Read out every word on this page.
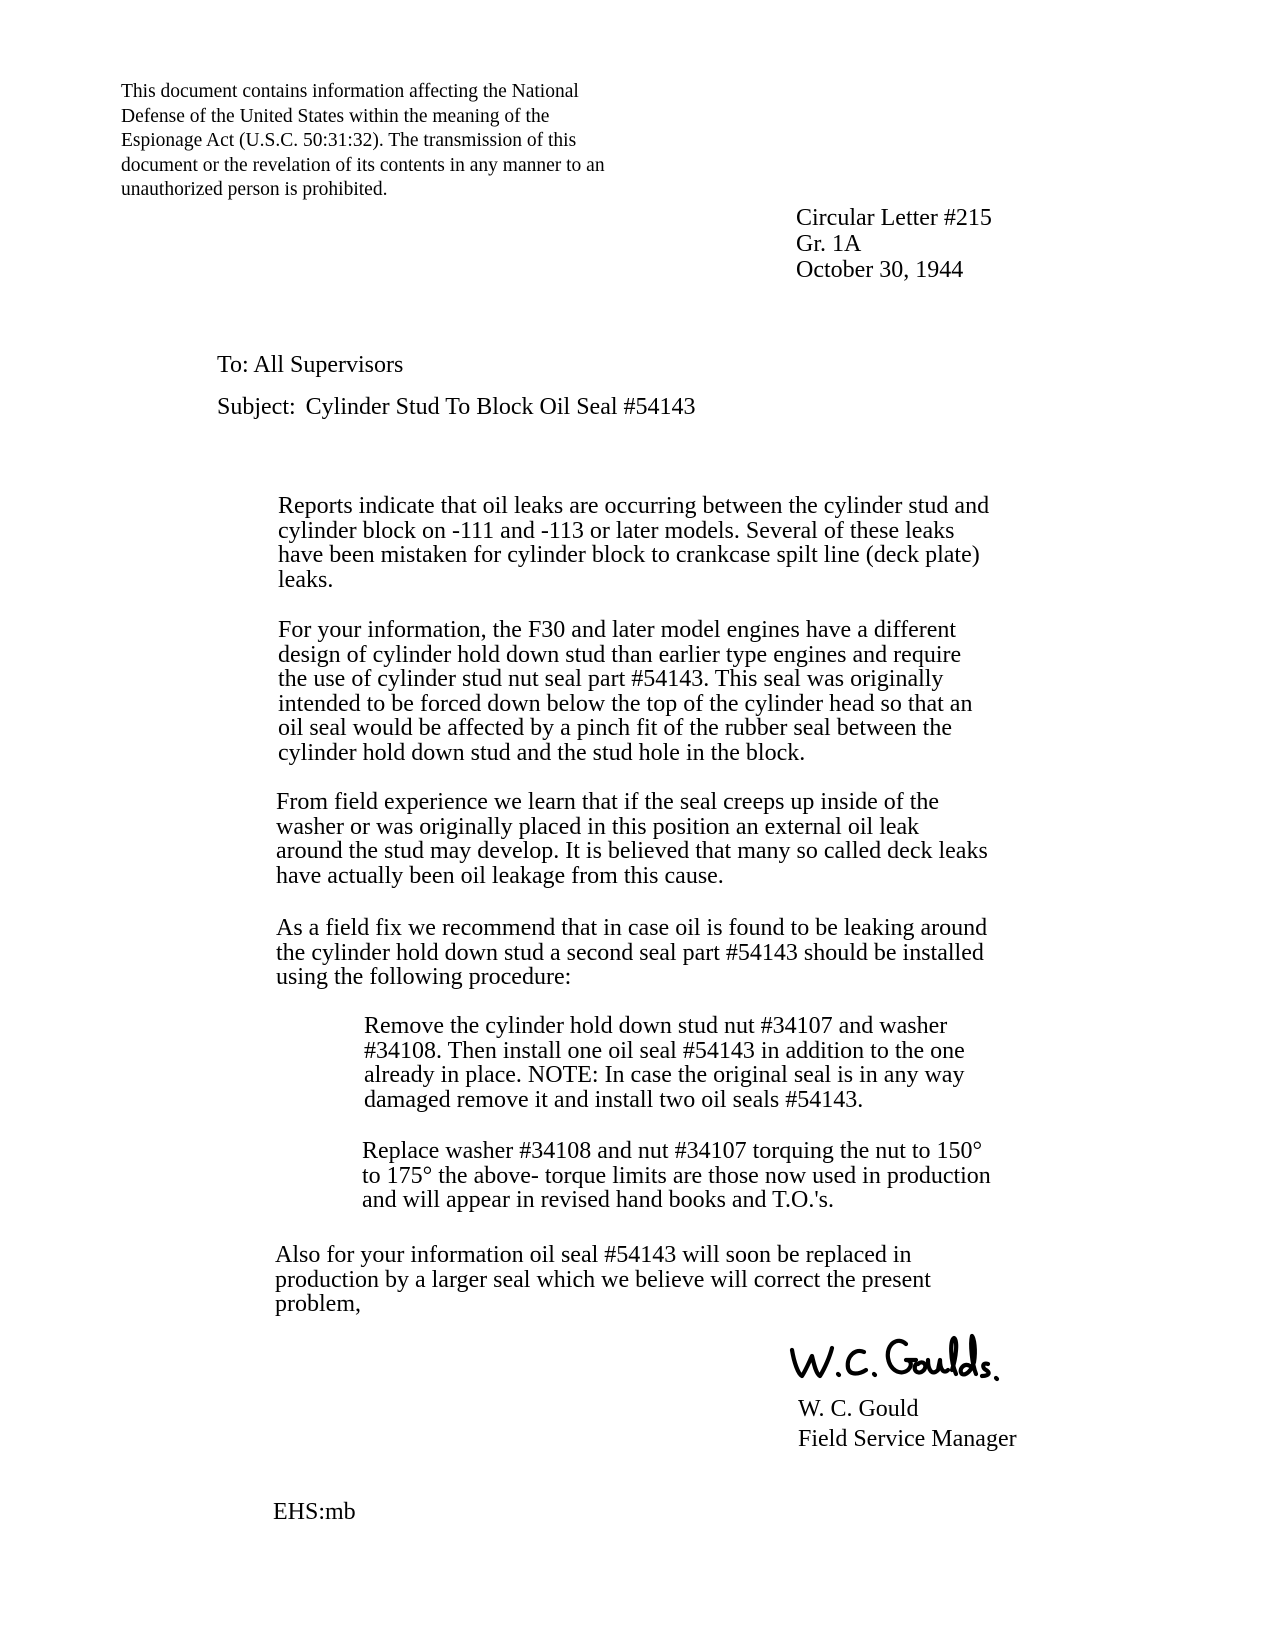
This document contains information affecting the National
Defense of the United States within the meaning of the
Espionage Act (U.S.C. 50:31:32). The transmission of this
document or the revelation of its contents in any manner to an
unauthorized person is prohibited.
Circular Letter #215
Gr. 1A
October 30, 1944
To: All Supervisors
Subject: Cylinder Stud To Block Oil Seal #54143
Reports indicate that oil leaks are occurring between the cylinder stud and
cylinder block on -111 and -113 or later models. Several of these leaks
have been mistaken for cylinder block to crankcase spilt line (deck plate)
leaks.
For your information, the F30 and later model engines have a different
design of cylinder hold down stud than earlier type engines and require
the use of cylinder stud nut seal part #54143. This seal was originally
intended to be forced down below the top of the cylinder head so that an
oil seal would be affected by a pinch fit of the rubber seal between the
cylinder hold down stud and the stud hole in the block.
From field experience we learn that if the seal creeps up inside of the
washer or was originally placed in this position an external oil leak
around the stud may develop. It is believed that many so called deck leaks
have actually been oil leakage from this cause.
As a field fix we recommend that in case oil is found to be leaking around
the cylinder hold down stud a second seal part #54143 should be installed
using the following procedure:
Remove the cylinder hold down stud nut #34107 and washer
#34108. Then install one oil seal #54143 in addition to the one
already in place. NOTE: In case the original seal is in any way
damaged remove it and install two oil seals #54143.
Replace washer #34108 and nut #34107 torquing the nut to 150°
to 175° the above- torque limits are those now used in production
and will appear in revised hand books and T.O.'s.
Also for your information oil seal #54143 will soon be replaced in
production by a larger seal which we believe will correct the present
problem,
W. C. Gould
Field Service Manager
EHS:mb
